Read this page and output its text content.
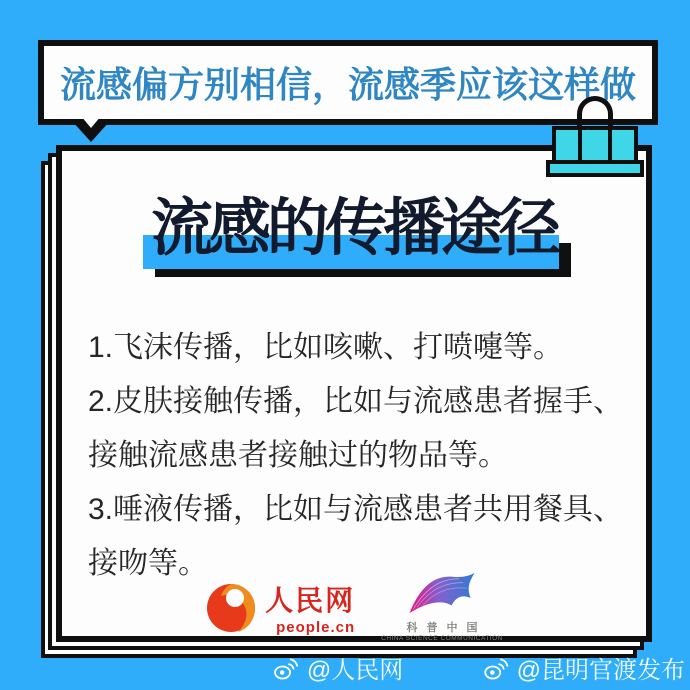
流感偏方别相信，流感季应该这样做
流感的传播途径

1.飞沫传播，比如咳嗽、打喷嚏等。

2.皮肤接触传播，比如与流感患者握手、

接触流感患者接触过的物品等。

3.唾液传播，比如与流感患者共用餐具、

接吻等。

人民网
people.cn	科普中国
CHINA SCIENCE COMMUNICATION
@人民网	@昆明官渡发布
